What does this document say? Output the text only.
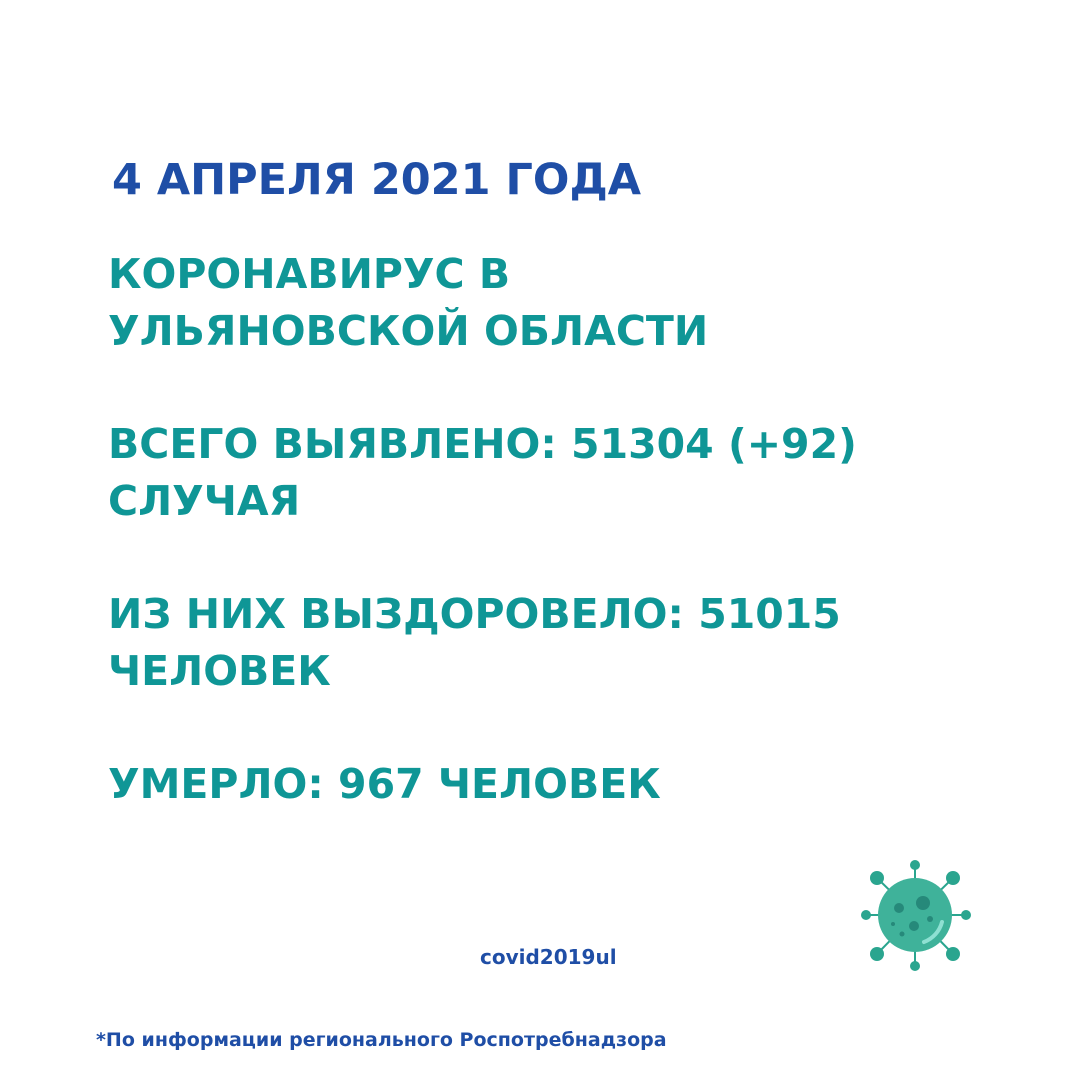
4 АПРЕЛЯ 2021 ГОДА
КОРОНАВИРУС В
УЛЬЯНОВСКОЙ ОБЛАСТИ
ВСЕГО ВЫЯВЛЕНО: 51304 (+92)
СЛУЧАЯ
ИЗ НИХ ВЫЗДОРОВЕЛО: 51015
ЧЕЛОВЕК
УМЕРЛО: 967 ЧЕЛОВЕК
covid2019ul
*По информации регионального Роспотребнадзора
